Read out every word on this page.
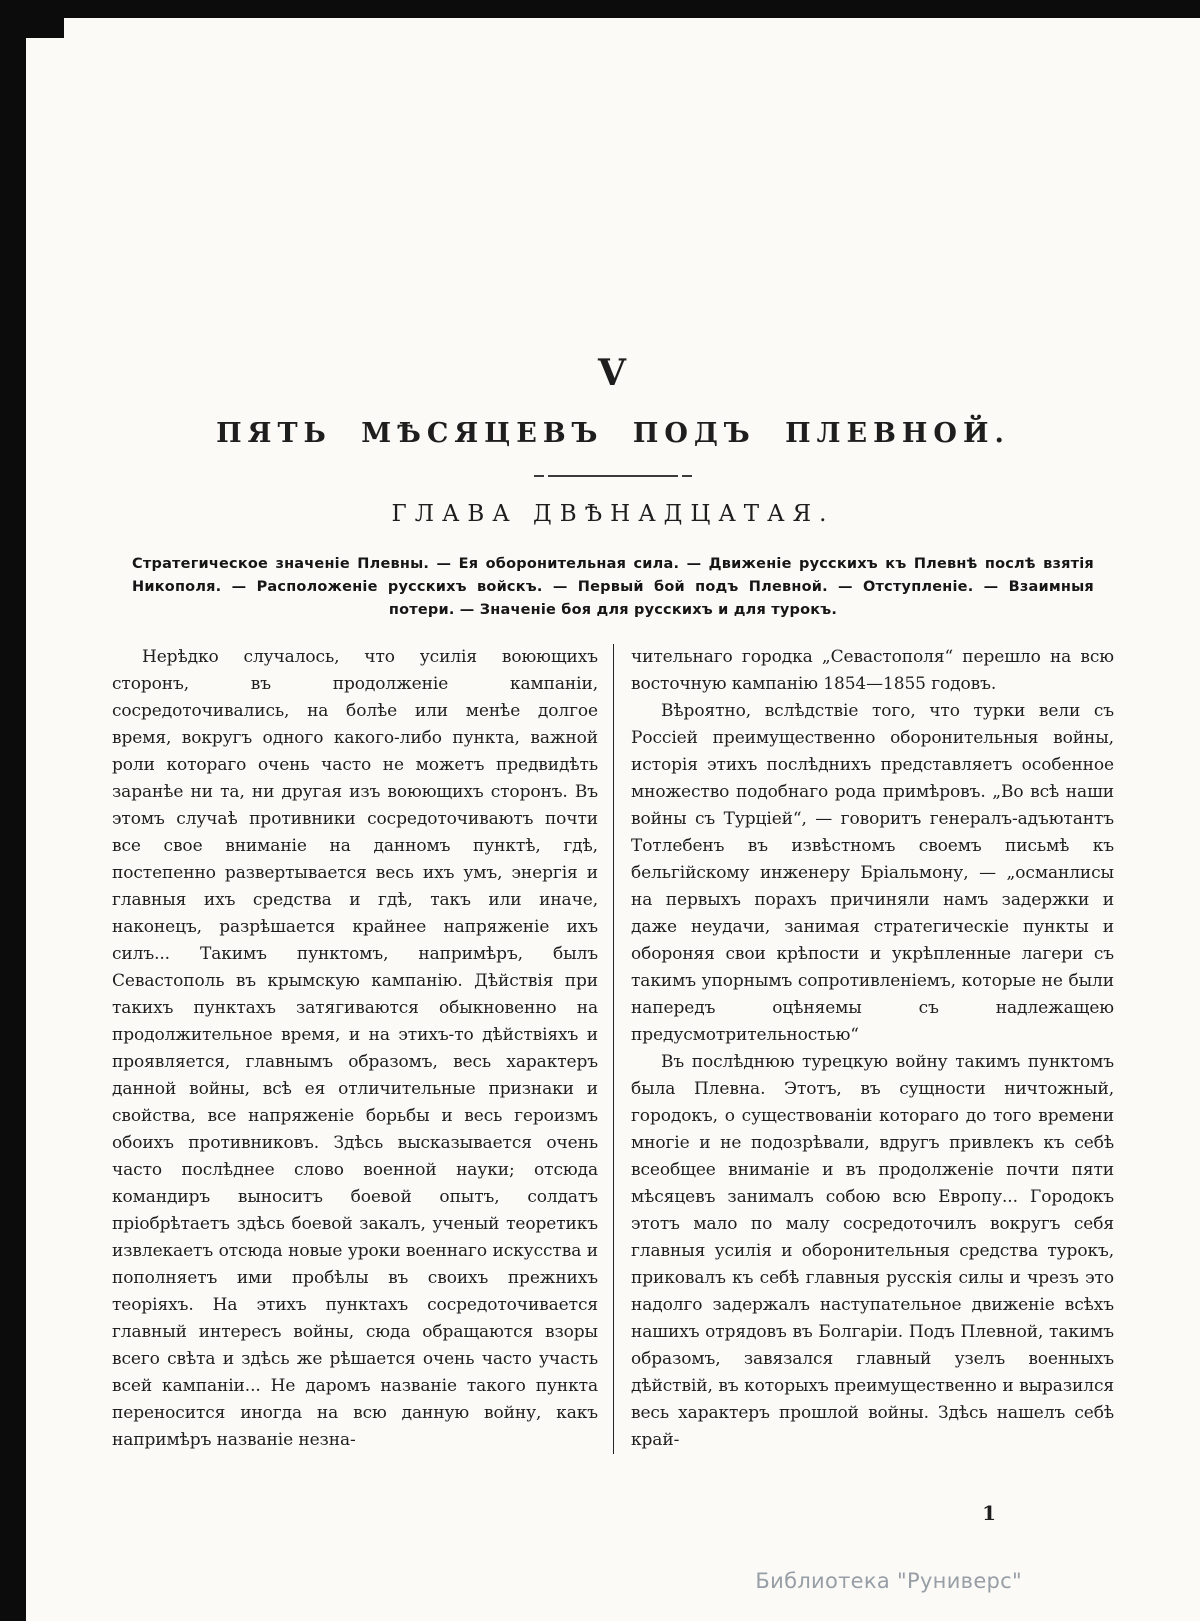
V
ПЯТЬ МѢСЯЦЕВЪ ПОДЪ ПЛЕВНОЙ.
ГЛАВА ДВѢНАДЦАТАЯ.
Стратегическое значеніе Плевны. — Ея оборонительная сила. — Движеніе русскихъ къ Плевнѣ послѣ взятія Никополя. — Расположеніе русскихъ войскъ. — Первый бой подъ Плевной. — Отступленіе. — Взаимныя потери. — Значеніе боя для русскихъ и для турокъ.

Нерѣдко случалось, что усилія воюющихъ сторонъ, въ продолженіе кампаніи, сосредоточивались, на болѣе или менѣе долгое время, вокругъ одного какого-либо пункта, важной роли котораго очень часто не можетъ предвидѣть заранѣе ни та, ни другая изъ воюющихъ сторонъ. Въ этомъ случаѣ противники сосредоточиваютъ почти все свое вниманіе на данномъ пунктѣ, гдѣ, постепенно развертывается весь ихъ умъ, энергія и главныя ихъ средства и гдѣ, такъ или иначе, наконецъ, разрѣшается крайнее напряженіе ихъ силъ... Такимъ пунктомъ, напримѣръ, былъ Севастополь въ крымскую кампанію. Дѣйствія при такихъ пунктахъ затягиваются обыкновенно на продолжительное время, и на этихъ-то дѣйствіяхъ и проявляется, главнымъ образомъ, весь характеръ данной войны, всѣ ея отличительные признаки и свойства, все напряженіе борьбы и весь героизмъ обоихъ противниковъ. Здѣсь высказывается очень часто послѣднее слово военной науки; отсюда командиръ выноситъ боевой опытъ, солдатъ пріобрѣтаетъ здѣсь боевой закалъ, ученый теоретикъ извлекаетъ отсюда новые уроки военнаго искусства и пополняетъ ими пробѣлы въ своихъ прежнихъ теоріяхъ. На этихъ пунктахъ сосредоточивается главный интересъ войны, сюда обращаются взоры всего свѣта и здѣсь же рѣшается очень часто участь всей кампаніи... Не даромъ названіе такого пункта переносится иногда на всю данную войну, какъ напримѣръ названіе незна-

чительнаго городка „Севастополя“ перешло на всю восточную кампанію 1854—1855 годовъ.

Вѣроятно, вслѣдствіе того, что турки вели съ Россіей преимущественно оборонительныя войны, исторія этихъ послѣднихъ представляетъ особенное множество подобнаго рода примѣровъ. „Во всѣ наши войны съ Турціей“, — говоритъ генералъ-адъютантъ Тотлебенъ въ извѣстномъ своемъ письмѣ къ бельгійскому инженеру Бріальмону, — „османлисы на первыхъ порахъ причиняли намъ задержки и даже неудачи, занимая стратегическіе пункты и обороняя свои крѣпости и укрѣпленные лагери съ такимъ упорнымъ сопротивленіемъ, которые не были напередъ оцѣняемы съ надлежащею предусмотрительностью“

Въ послѣднюю турецкую войну такимъ пунктомъ была Плевна. Этотъ, въ сущности ничтожный, городокъ, о существованіи котораго до того времени многіе и не подозрѣвали, вдругъ привлекъ къ себѣ всеобщее вниманіе и въ продолженіе почти пяти мѣсяцевъ занималъ собою всю Европу... Городокъ этотъ мало по малу сосредоточилъ вокругъ себя главныя усилія и оборонительныя средства турокъ, приковалъ къ себѣ главныя русскія силы и чрезъ это надолго задержалъ наступательное движеніе всѣхъ нашихъ отрядовъ въ Болгаріи. Подъ Плевной, такимъ образомъ, завязался главный узелъ военныхъ дѣйствій, въ которыхъ преимущественно и выразился весь характеръ прошлой войны. Здѣсь нашелъ себѣ край-

1
Библиотека "Руниверс"
